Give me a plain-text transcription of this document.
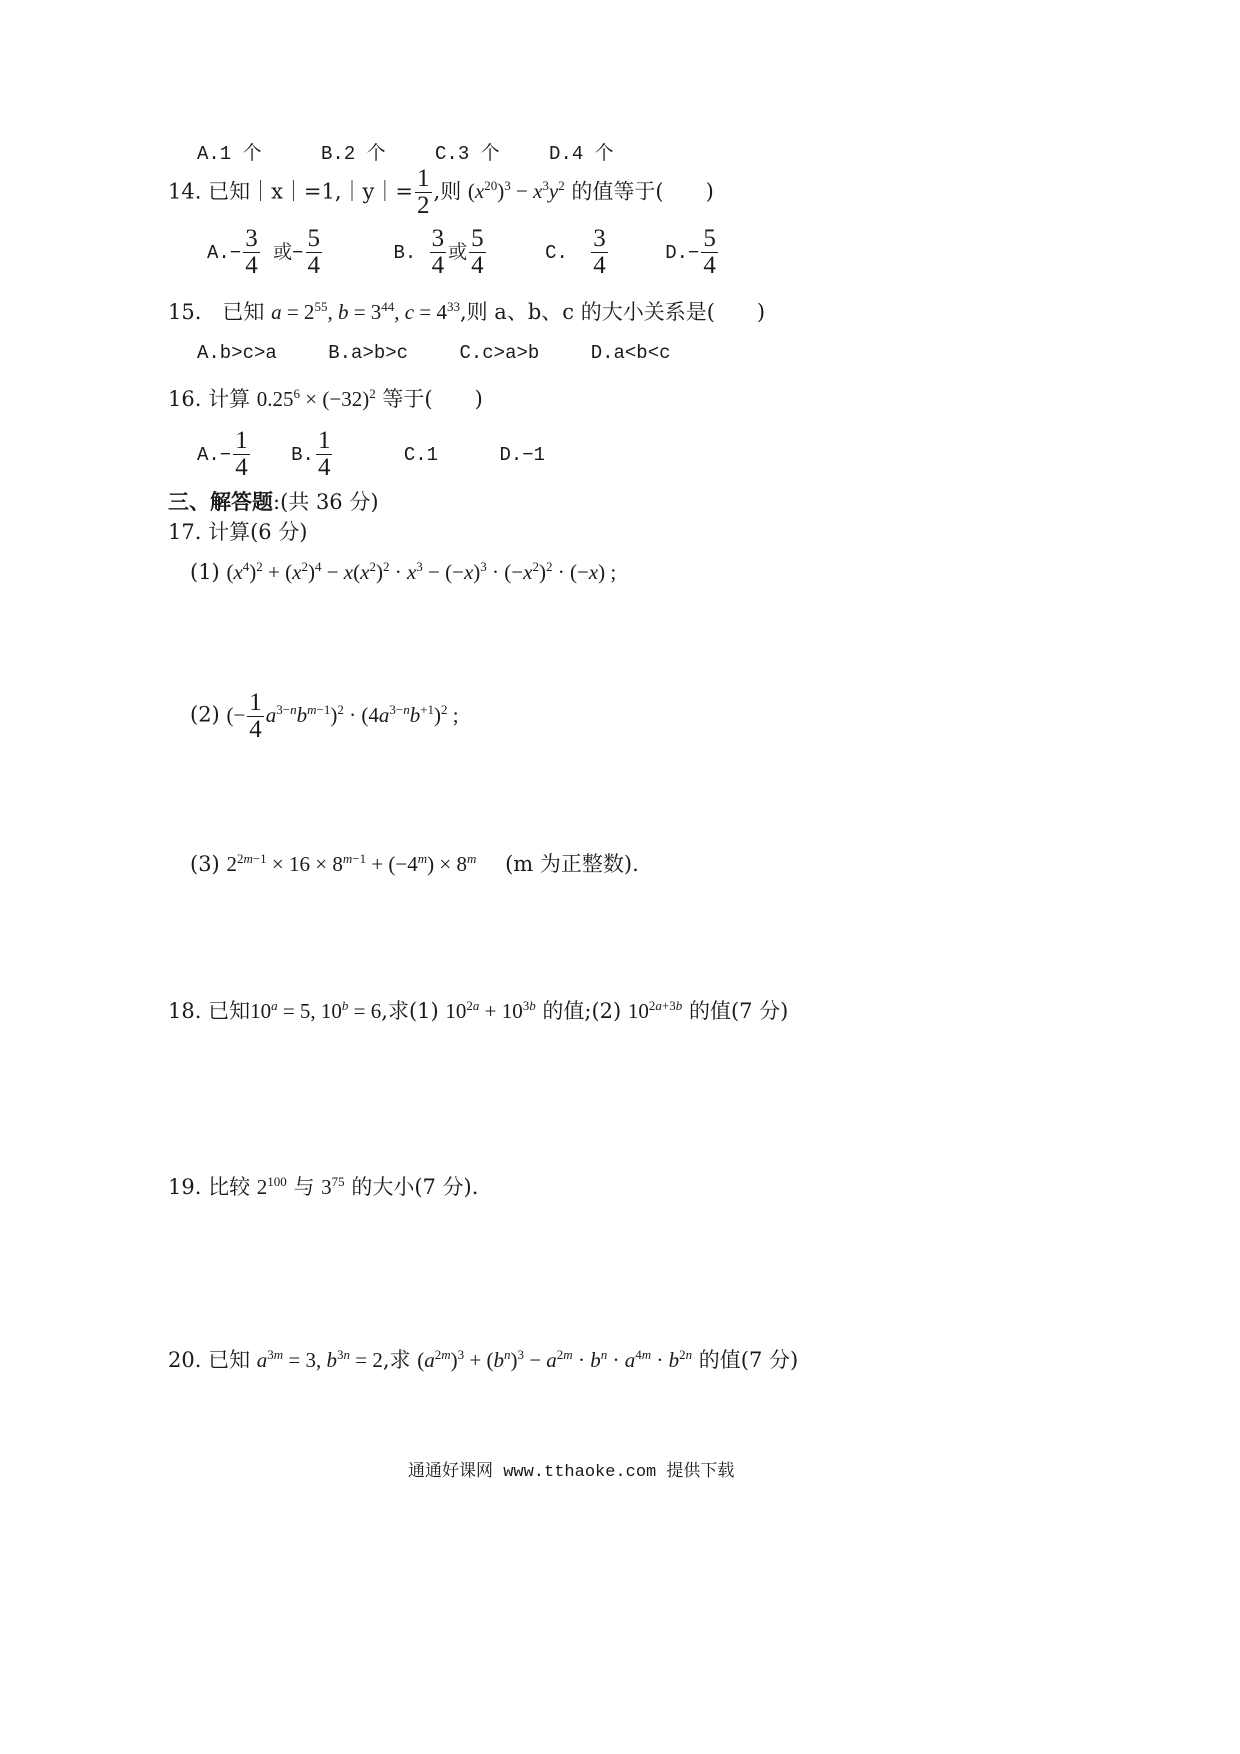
A.1 个	B.2 个	C.3 个	D.4 个
14. 已知｜x｜=1,｜y｜= $\frac{1}{2}$ ,则 $(x^{20})^3 - x^3y^2$ 的值等于(　　)
$A.- \frac{3}{4}$ 或− $\frac{5}{4}$	B. $\frac{3}{4}$ 或 $\frac{5}{4}$	C. $\frac{3}{4}$	$D.- \frac{5}{4}$
15.　已知 $a = 2^{55}$, $b = 3^{44}$, $c = 4^{33}$,则 a、b、c 的大小关系是(　　)
A.b>c>a	B.a>b>c	C.c>a>b	D.a<b<c
16. 计算 $0.25^6 \times (-32)^2$ 等于(　　)
$A.- \frac{1}{4} B$. $\frac{1}{4}$	C.1	D.−1
三、解答题:(共 36 分)
17. 计算(6 分)
(1) $(x^4)^2 + (x^2)^4 - x(x^2)^2 \cdot x^3 - (-x)^3 \cdot (-x^2)^2 \cdot (-x)$ ;
(2) (− $\frac{1}{4} a^{3-n}b^{m-1})^2 \cdot (4a^{3-n}b^{+1})^2$ ;
(3) $2^{2m-1} \times 16 \times 8^{m-1} + (-4^m) \times 8^m$ (m 为正整数).
18. 已知$10^a = 5$, $10^b = 6$,求(1) $10^{2a} + 10^{3b}$ 的值;(2) $10^{2a+3b}$ 的值(7 分)
19. 比较 $2^{100}$ 与 $3^{75}$ 的大小(7 分).
20. 已知 $a^{3m} = 3$, $b^{3n} = 2$,求 $(a^{2m})^3 + (b^n)^3 - a^{2m} \cdot b^n \cdot a^{4m} \cdot b^{2n}$ 的值(7 分)
通通好课网 www.tthaoke.com 提供下载
